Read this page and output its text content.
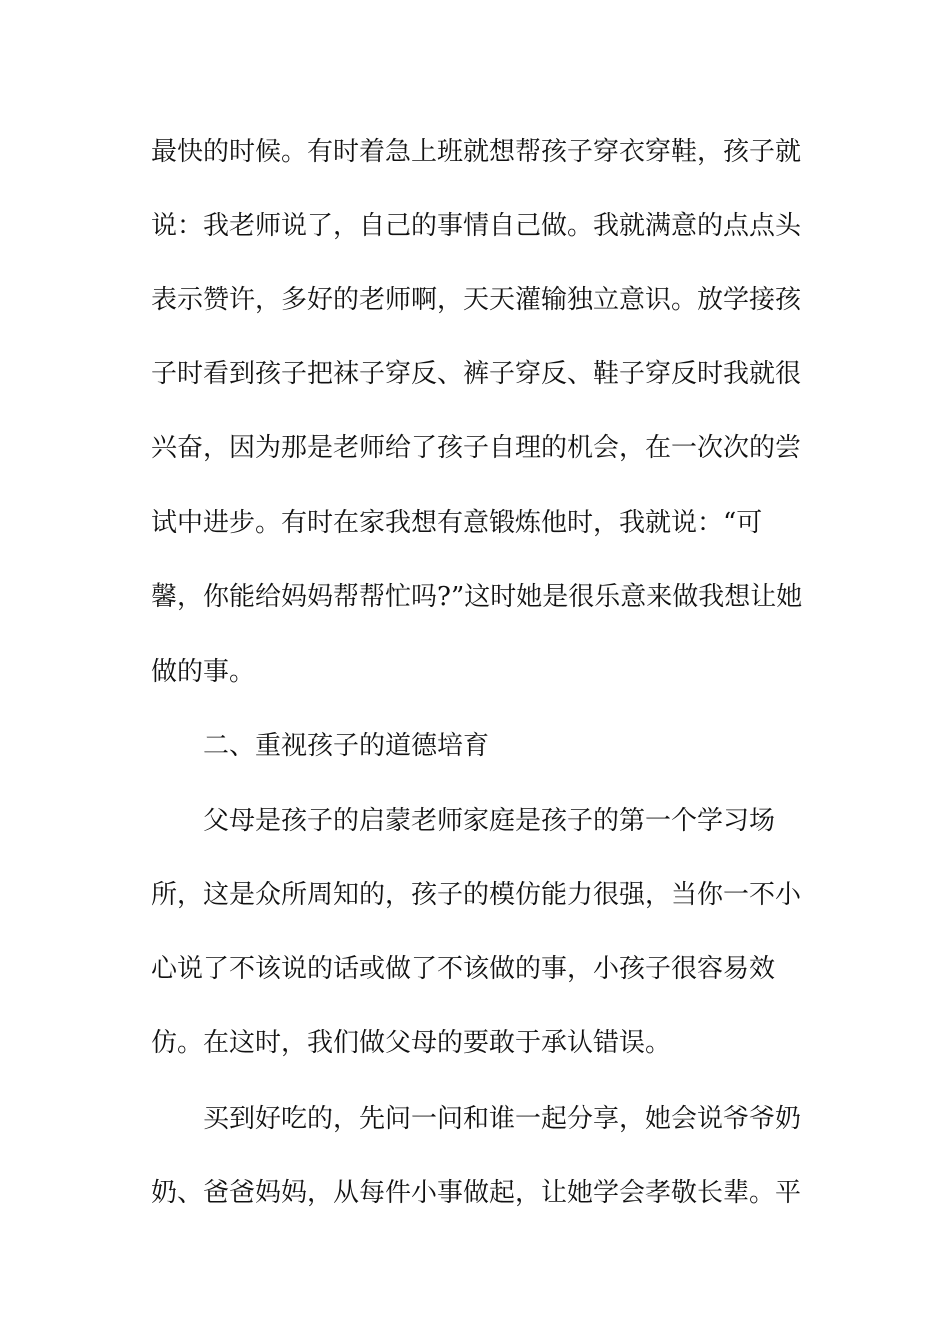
最快的时候。有时着急上班就想帮孩子穿衣穿鞋，孩子就
说：我老师说了，自己的事情自己做。我就满意的点点头
表示赞许，多好的老师啊，天天灌输独立意识。放学接孩
子时看到孩子把袜子穿反、裤子穿反、鞋子穿反时我就很
兴奋，因为那是老师给了孩子自理的机会，在一次次的尝
试中进步。有时在家我想有意锻炼他时，我就说：“可
馨，你能给妈妈帮帮忙吗?”这时她是很乐意来做我想让她
做的事。
二、重视孩子的道德培育
父母是孩子的启蒙老师家庭是孩子的第一个学习场
所，这是众所周知的，孩子的模仿能力很强，当你一不小
心说了不该说的话或做了不该做的事，小孩子很容易效
仿。在这时，我们做父母的要敢于承认错误。
买到好吃的，先问一问和谁一起分享，她会说爷爷奶
奶、爸爸妈妈，从每件小事做起，让她学会孝敬长辈。平
